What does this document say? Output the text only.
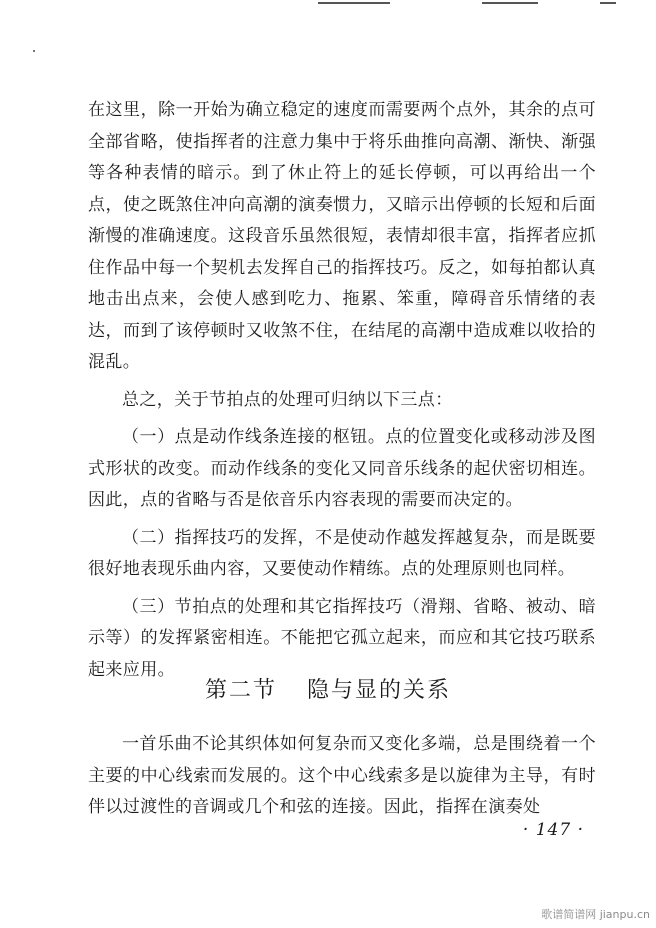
在这里，除一开始为确立稳定的速度而需要两个点外，其余的点可全部省略，使指挥者的注意力集中于将乐曲推向高潮、渐快、渐强等各种表情的暗示。到了休止符上的延长停顿，可以再给出一个点，使之既煞住冲向高潮的演奏惯力，又暗示出停顿的长短和后面渐慢的准确速度。这段音乐虽然很短，表情却很丰富，指挥者应抓住作品中每一个契机去发挥自己的指挥技巧。反之，如每拍都认真地击出点来，会使人感到吃力、拖累、笨重，障碍音乐情绪的表达，而到了该停顿时又收煞不住，在结尾的高潮中造成难以收拾的混乱。

总之，关于节拍点的处理可归纳以下三点：

（一）点是动作线条连接的枢钮。点的位置变化或移动涉及图式形状的改变。而动作线条的变化又同音乐线条的起伏密切相连。因此，点的省略与否是依音乐内容表现的需要而决定的。

（二）指挥技巧的发挥，不是使动作越发挥越复杂，而是既要很好地表现乐曲内容，又要使动作精练。点的处理原则也同样。

（三）节拍点的处理和其它指挥技巧（滑翔、省略、被动、暗示等）的发挥紧密相连。不能把它孤立起来，而应和其它技巧联系起来应用。

第二节 隐与显的关系

一首乐曲不论其织体如何复杂而又变化多端，总是围绕着一个主要的中心线索而发展的。这个中心线索多是以旋律为主导，有时伴以过渡性的音调或几个和弦的连接。因此，指挥在演奏处

· 147 ·
歌谱简谱网 jianpu.cn
